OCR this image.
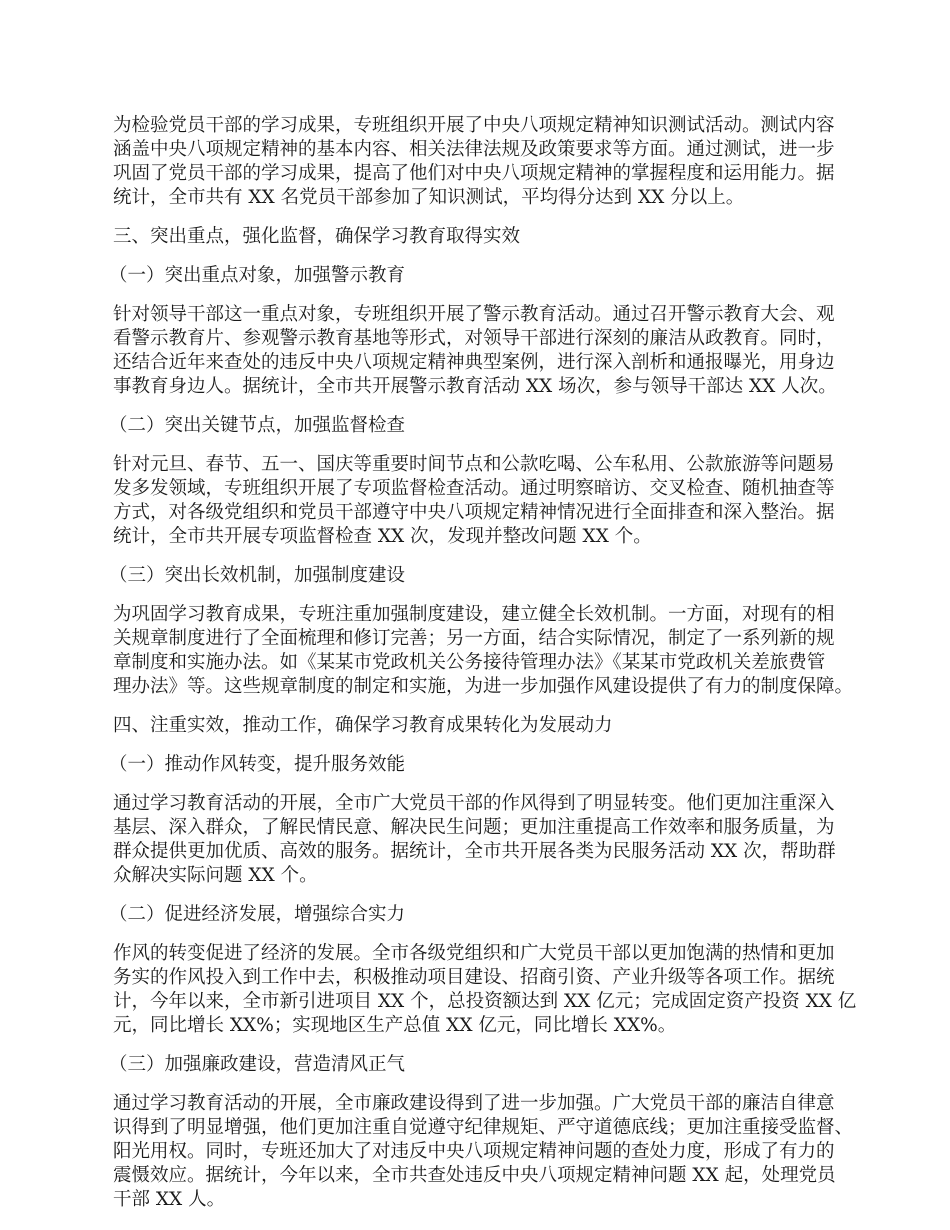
为检验党员干部的学习成果，专班组织开展了中央八项规定精神知识测试活动。测试内容
涵盖中央八项规定精神的基本内容、相关法律法规及政策要求等方面。通过测试，进一步
巩固了党员干部的学习成果，提高了他们对中央八项规定精神的掌握程度和运用能力。据
统计，全市共有 XX 名党员干部参加了知识测试，平均得分达到 XX 分以上。
三、突出重点，强化监督，确保学习教育取得实效
（一）突出重点对象，加强警示教育
针对领导干部这一重点对象，专班组织开展了警示教育活动。通过召开警示教育大会、观
看警示教育片、参观警示教育基地等形式，对领导干部进行深刻的廉洁从政教育。同时，
还结合近年来查处的违反中央八项规定精神典型案例，进行深入剖析和通报曝光，用身边
事教育身边人。据统计，全市共开展警示教育活动 XX 场次，参与领导干部达 XX 人次。
（二）突出关键节点，加强监督检查
针对元旦、春节、五一、国庆等重要时间节点和公款吃喝、公车私用、公款旅游等问题易
发多发领域，专班组织开展了专项监督检查活动。通过明察暗访、交叉检查、随机抽查等
方式，对各级党组织和党员干部遵守中央八项规定精神情况进行全面排查和深入整治。据
统计，全市共开展专项监督检查 XX 次，发现并整改问题 XX 个。
（三）突出长效机制，加强制度建设
为巩固学习教育成果，专班注重加强制度建设，建立健全长效机制。一方面，对现有的相
关规章制度进行了全面梳理和修订完善；另一方面，结合实际情况，制定了一系列新的规
章制度和实施办法。如《某某市党政机关公务接待管理办法》《某某市党政机关差旅费管
理办法》等。这些规章制度的制定和实施，为进一步加强作风建设提供了有力的制度保障。
四、注重实效，推动工作，确保学习教育成果转化为发展动力
（一）推动作风转变，提升服务效能
通过学习教育活动的开展，全市广大党员干部的作风得到了明显转变。他们更加注重深入
基层、深入群众，了解民情民意、解决民生问题；更加注重提高工作效率和服务质量，为
群众提供更加优质、高效的服务。据统计，全市共开展各类为民服务活动 XX 次，帮助群
众解决实际问题 XX 个。
（二）促进经济发展，增强综合实力
作风的转变促进了经济的发展。全市各级党组织和广大党员干部以更加饱满的热情和更加
务实的作风投入到工作中去，积极推动项目建设、招商引资、产业升级等各项工作。据统
计，今年以来，全市新引进项目 XX 个，总投资额达到 XX 亿元；完成固定资产投资 XX 亿
元，同比增长 XX%；实现地区生产总值 XX 亿元，同比增长 XX%。
（三）加强廉政建设，营造清风正气
通过学习教育活动的开展，全市廉政建设得到了进一步加强。广大党员干部的廉洁自律意
识得到了明显增强，他们更加注重自觉遵守纪律规矩、严守道德底线；更加注重接受监督、
阳光用权。同时，专班还加大了对违反中央八项规定精神问题的查处力度，形成了有力的
震慑效应。据统计，今年以来，全市共查处违反中央八项规定精神问题 XX 起，处理党员
干部 XX 人。
